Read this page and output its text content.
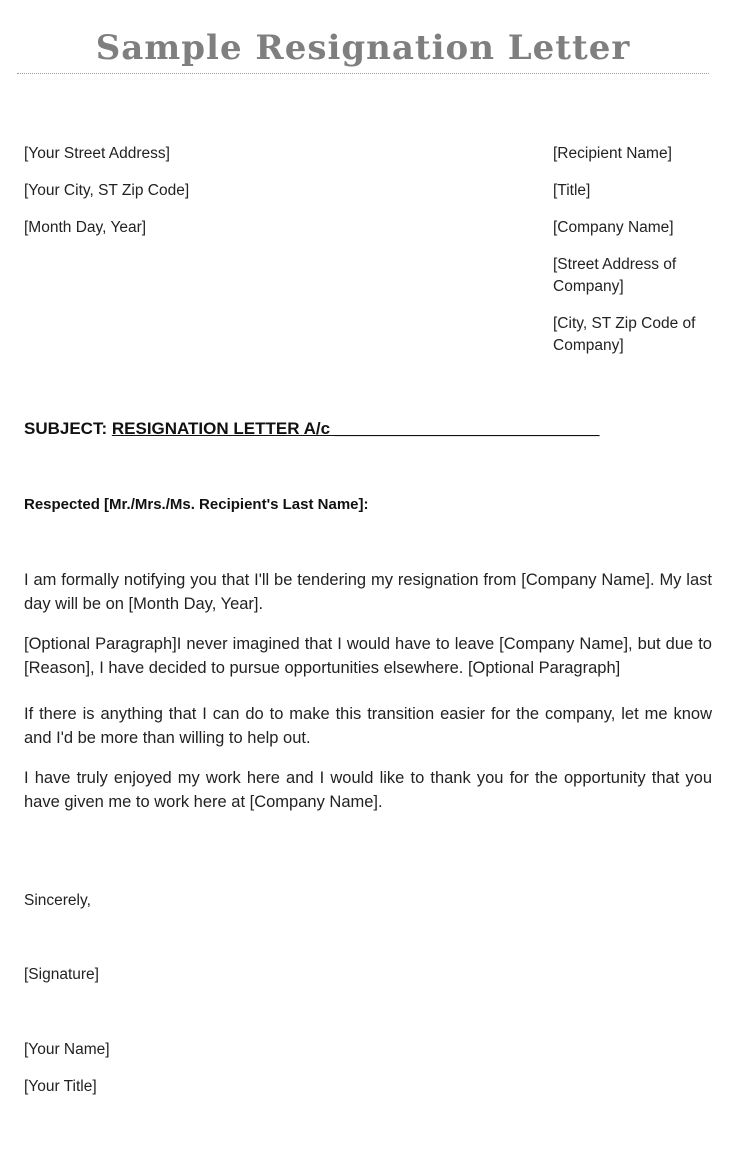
Sample Resignation Letter
[Your Street Address]
[Your City, ST Zip Code]
[Month Day, Year]
[Recipient Name]
[Title]
[Company Name]
[Street Address of Company]
[City, ST Zip Code of Company]
SUBJECT: RESIGNATION LETTER A/c ____________________________
Respected [Mr./Mrs./Ms. Recipient's Last Name]:

I am formally notifying you that I'll be tendering my resignation from [Company Name]. My last day will be on [Month Day, Year].

[Optional Paragraph]I never imagined that I would have to leave [Company Name], but due to [Reason], I have decided to pursue opportunities elsewhere. [Optional Paragraph]

If there is anything that I can do to make this transition easier for the company, let me know and I'd be more than willing to help out.

I have truly enjoyed my work here and I would like to thank you for the opportunity that you have given me to work here at [Company Name].

Sincerely,
[Signature]
[Your Name]
[Your Title]
